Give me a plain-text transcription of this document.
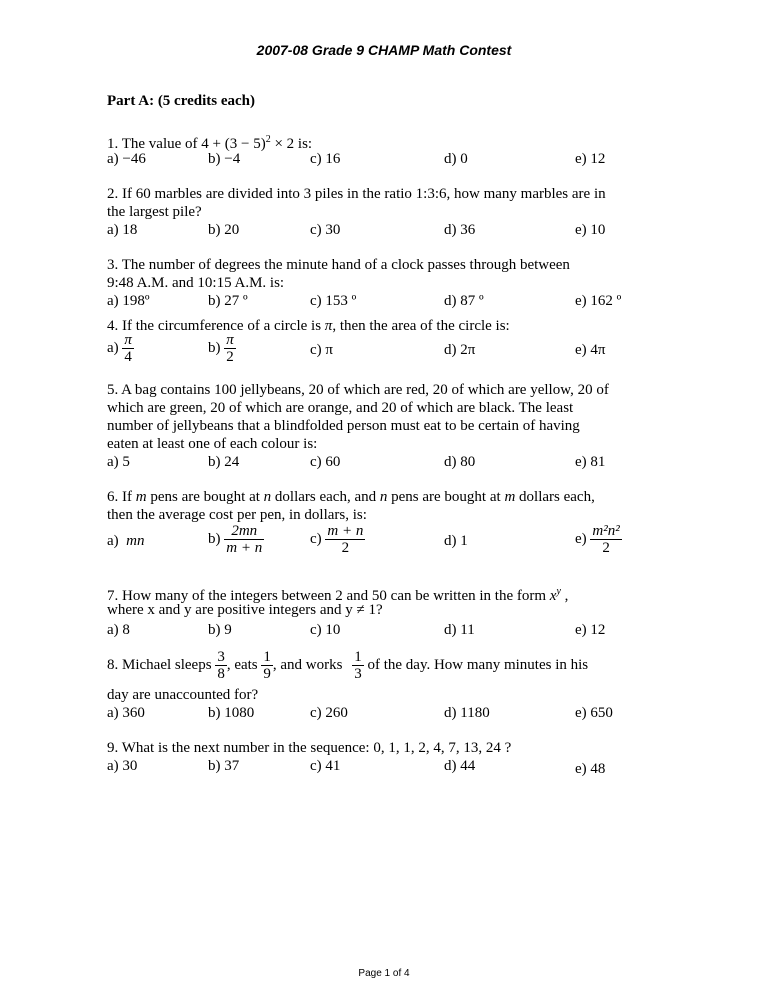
2007-08 Grade 9 CHAMP Math Contest
Part A: (5 credits each)
1. The value of $4 + (3 - 5)^2 \times 2$ is:
a) −46	b) −4	c) 16	d) 0	e) 12
2. If 60 marbles are divided into 3 piles in the ratio 1:3:6, how many marbles are in
the largest pile?
a) 18	b) 20	c) 30	d) 36	e) 10
3. The number of degrees the minute hand of a clock passes through between
9:48 A.M. and 10:15 A.M. is:
a) 198º	b) 27 º	c) 153 º	d) 87 º	e) 162 º
4. If the circumference of a circle is π, then the area of the circle is:
$a) \frac{\pi}{4}$	$b) \frac{\pi}{2}$	c) π	d) 2π	e) 4π
5. A bag contains 100 jellybeans, 20 of which are red, 20 of which are yellow, 20 of
which are green, 20 of which are orange, and 20 of which are black. The least
number of jellybeans that a blindfolded person must eat to be certain of having
eaten at least one of each colour is:
a) 5	b) 24	c) 60	d) 80	e) 81
6. If m pens are bought at n dollars each, and n pens are bought at m dollars each,
then the average cost per pen, in dollars, is:
a) mn	$b) \frac{2mn}{m + n}$	$c) \frac{m + n}{2}$	d) 1	$e) \frac{\text{m²n²}}{2}$
7. How many of the integers between 2 and 50 can be written in the form $x^y$ ,
where x and y are positive integers and y ≠ 1?
a) 8	b) 9	c) 10	d) 11	e) 12
8. Michael sleeps $\frac{3}{8}$ , eats $\frac{1}{9}$ , and works $\frac{1}{3}$ of the day. How many minutes in his
day are unaccounted for?
a) 360	b) 1080	c) 260	d) 1180	e) 650
9. What is the next number in the sequence: 0, 1, 1, 2, 4, 7, 13, 24 ?
a) 30	b) 37	c) 41	d) 44	e) 48
Page 1 of 4
